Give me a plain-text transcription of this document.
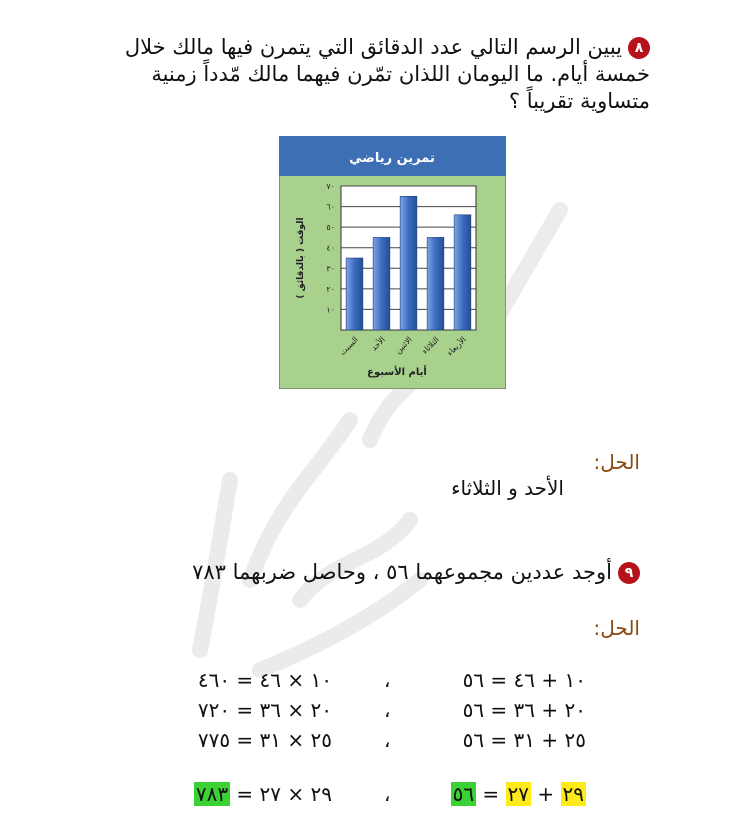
٨يبين الرسم التالي عدد الدقائق التي يتمرن فيها مالك خلال خمسة أيام. ما اليومان اللذان تمّرن فيهما مالك مّدداً زمنية متساوية تقريباً ؟
تمرين رياضي
١٠
٢٠
٣٠
٤٠
٥٠
٦٠
٧٠
السبت الأحد الاثنين الثلاثاء الأربعاء
الوقت ( بالدقائق )
أيام الأسبوع
الحل:
الأحد و الثلاثاء
٩أوجد عددين مجموعهما ٥٦ ، وحاصل ضربهما ٧٨٣
الحل:
١٠ + ٤٦ = ٥٦
،
١٠ × ٤٦ = ٤٦٠
٢٠ + ٣٦ = ٥٦
،
٢٠ × ٣٦ = ٧٢٠
٢٥ + ٣١ = ٥٦
،
٢٥ × ٣١ = ٧٧٥
٢٩ + ٢٧ = ٥٦
،
٢٩ × ٢٧ = ٧٨٣
